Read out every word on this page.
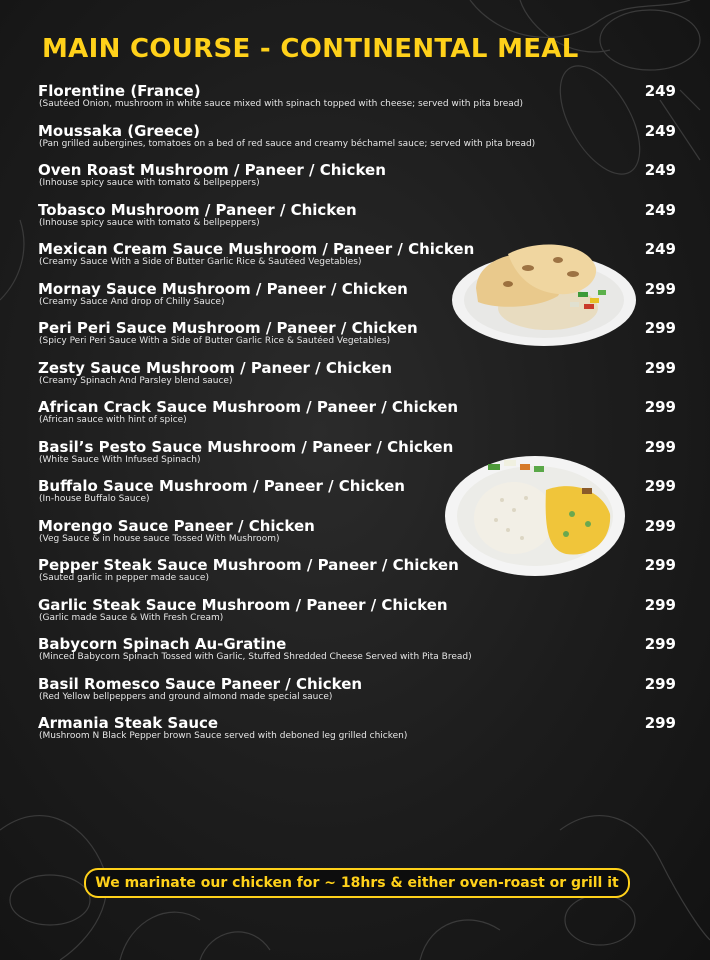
MAIN COURSE - CONTINENTAL MEAL
Florentine (France)
(Sautéed Onion, mushroom in white sauce mixed with spinach topped with cheese; served with pita bread)
249
Moussaka (Greece)
(Pan grilled aubergines, tomatoes on a bed of red sauce and creamy béchamel sauce; served with pita bread)
249
Oven Roast Mushroom / Paneer / Chicken
(Inhouse spicy sauce with tomato & bellpeppers)
249
Tobasco Mushroom / Paneer / Chicken
(Inhouse spicy sauce with tomato & bellpeppers)
249
Mexican Cream Sauce Mushroom / Paneer / Chicken
(Creamy Sauce With a Side of Butter Garlic Rice & Sautéed Vegetables)
249
Mornay Sauce Mushroom / Paneer / Chicken
(Creamy Sauce And drop of Chilly Sauce)
299
Peri Peri Sauce Mushroom / Paneer / Chicken
(Spicy Peri Peri Sauce With a Side of Butter Garlic Rice & Sautéed Vegetables)
299
Zesty Sauce Mushroom / Paneer / Chicken
(Creamy Spinach And Parsley blend sauce)
299
African Crack Sauce Mushroom / Paneer / Chicken
(African sauce with hint of spice)
299
Basil’s Pesto Sauce Mushroom / Paneer / Chicken
(White Sauce With Infused Spinach)
299
Buffalo Sauce Mushroom / Paneer / Chicken
(In-house Buffalo Sauce)
299
Morengo Sauce Paneer / Chicken
(Veg Sauce & in house sauce Tossed With Mushroom)
299
Pepper Steak Sauce Mushroom / Paneer / Chicken
(Sauted garlic in pepper made sauce)
299
Garlic Steak Sauce Mushroom / Paneer / Chicken
(Garlic made Sauce & With Fresh Cream)
299
Babycorn Spinach Au-Gratine
(Minced Babycorn Spinach Tossed with Garlic, Stuffed Shredded Cheese Served with Pita Bread)
299
Basil Romesco Sauce Paneer / Chicken
(Red Yellow bellpeppers and ground almond made special sauce)
299
Armania Steak Sauce
(Mushroom N Black Pepper brown Sauce served with deboned leg grilled chicken)
299
We marinate our chicken for ~ 18hrs & either oven-roast or grill it
